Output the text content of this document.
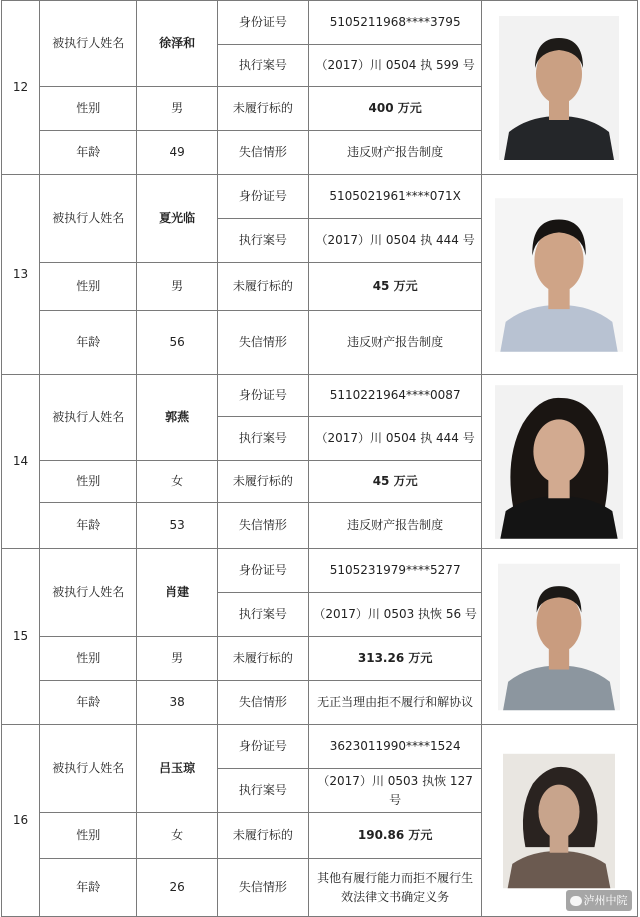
12	被执行人姓名	徐泽和	身份证号	5105211968****3795	

			执行案号	（2017）川 0504 执 599 号	
	性别	男	未履行标的	400 万元	
	年龄	49	失信情形	违反财产报告制度	
13	被执行人姓名	夏光临	身份证号	5105021961****071X	

			执行案号	（2017）川 0504 执 444 号	
	性别	男	未履行标的	45 万元	
	年龄	56	失信情形	违反财产报告制度	
14	被执行人姓名	郭燕	身份证号	5110221964****0087	

			执行案号	（2017）川 0504 执 444 号	
	性别	女	未履行标的	45 万元	
	年龄	53	失信情形	违反财产报告制度	
15	被执行人姓名	肖建	身份证号	5105231979****5277	

			执行案号	（2017）川 0503 执恢 56 号	
	性别	男	未履行标的	313.26 万元	
	年龄	38	失信情形	无正当理由拒不履行和解协议	
16	被执行人姓名	吕玉琼	身份证号	3623011990****1524	泸州中院

			执行案号	（2017）川 0503 执恢 127 号	
	性别	女	未履行标的	190.86 万元	
	年龄	26	失信情形	其他有履行能力而拒不履行生效法律文书确定义务	
